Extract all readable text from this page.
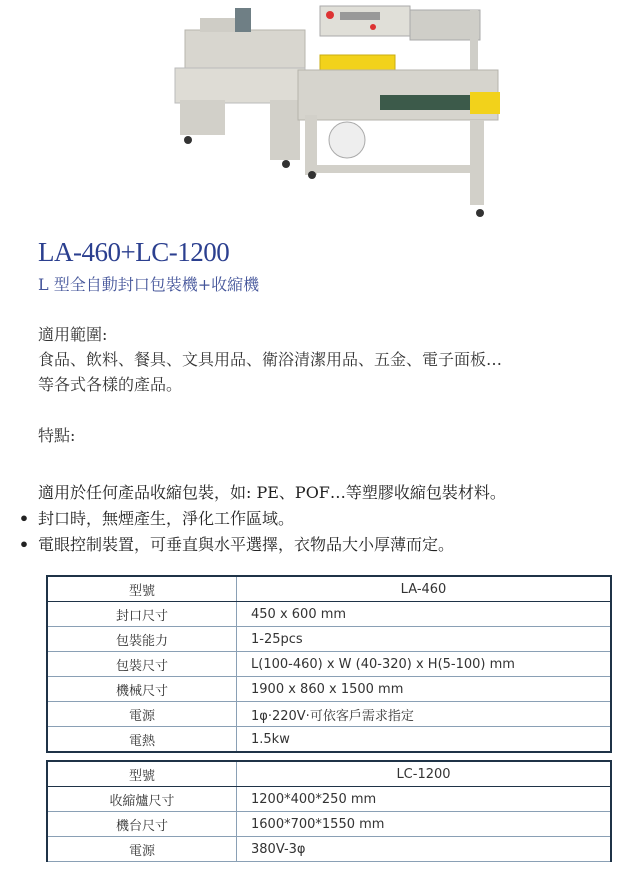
LA-460+LC-1200
L 型全自動封口包裝機+收縮機
適用範圍:
食品、飲料、餐具、文具用品、衛浴清潔用品、五金、電子面板…
等各式各樣的產品。
特點:
適用於任何產品收縮包裝，如: PE、POF…等塑膠收縮包裝材料。
• 封口時，無煙產生，淨化工作區域。
• 電眼控制裝置，可垂直與水平選擇，衣物品大小厚薄而定。
型號	LA-460
封口尺寸	450 x 600 mm
包裝能力	1-25pcs
包裝尺寸	L(100-460) x W (40-320) x H(5-100) mm
機械尺寸	1900 x 860 x 1500 mm
電源	1φ‧220V‧可依客戶需求指定
電熱	1.5kw
型號	LC-1200
收縮爐尺寸	1200*400*250 mm
機台尺寸	1600*700*1550 mm
電源	380V-3φ
